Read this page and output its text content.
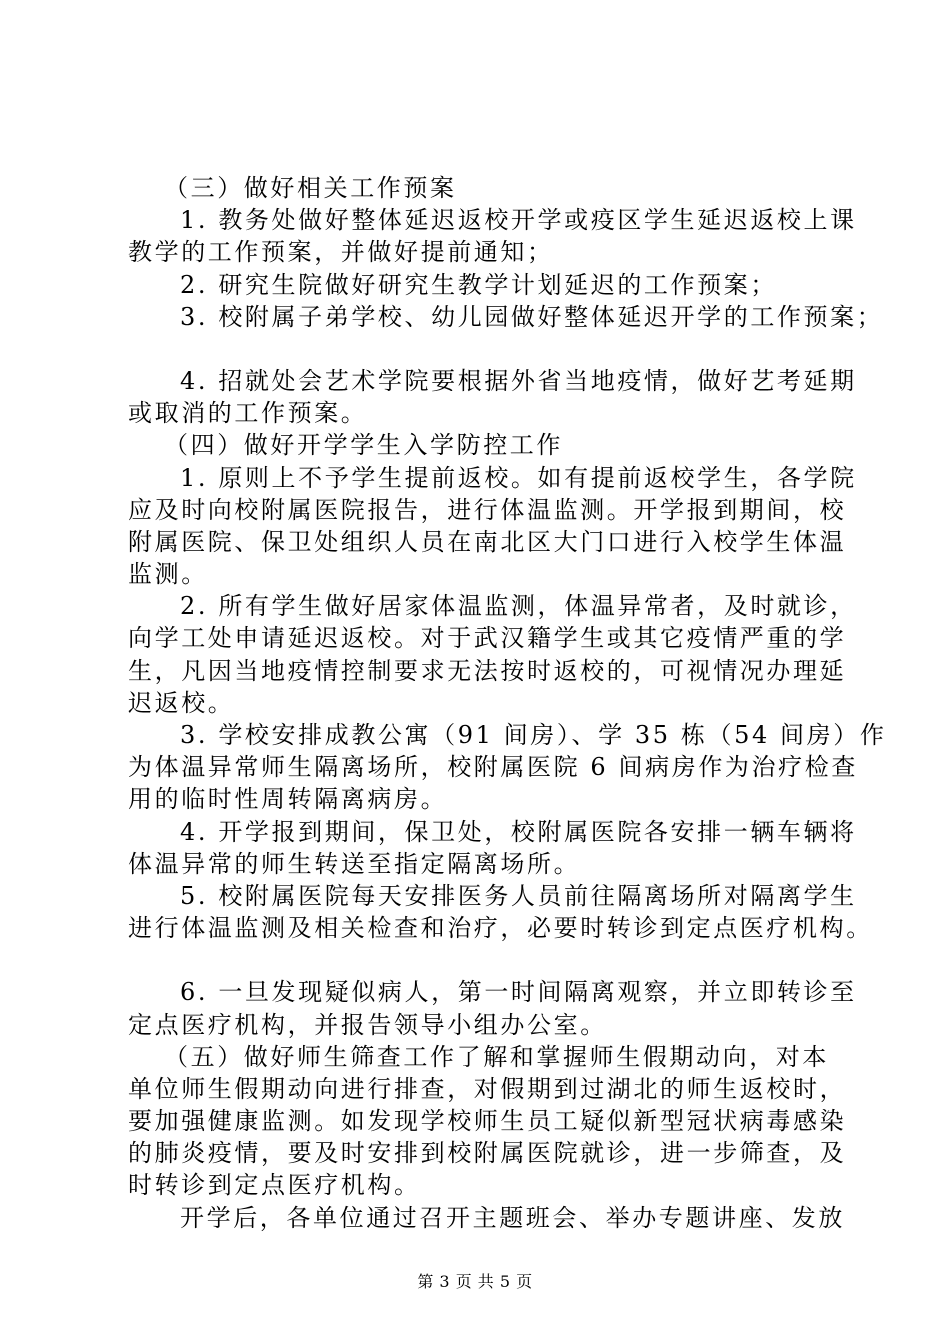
（三）做好相关工作预案
1. 教务处做好整体延迟返校开学或疫区学生延迟返校上课
教学的工作预案，并做好提前通知；
2. 研究生院做好研究生教学计划延迟的工作预案；
3. 校附属子弟学校、幼儿园做好整体延迟开学的工作预案；
4. 招就处会艺术学院要根据外省当地疫情，做好艺考延期
或取消的工作预案。
（四）做好开学学生入学防控工作
1. 原则上不予学生提前返校。如有提前返校学生，各学院
应及时向校附属医院报告，进行体温监测。开学报到期间，校
附属医院、保卫处组织人员在南北区大门口进行入校学生体温
监测。
2. 所有学生做好居家体温监测，体温异常者，及时就诊，
向学工处申请延迟返校。对于武汉籍学生或其它疫情严重的学
生，凡因当地疫情控制要求无法按时返校的，可视情况办理延
迟返校。
3. 学校安排成教公寓（91 间房）、学 35 栋（54 间房）作
为体温异常师生隔离场所，校附属医院 6 间病房作为治疗检查
用的临时性周转隔离病房。
4. 开学报到期间，保卫处，校附属医院各安排一辆车辆将
体温异常的师生转送至指定隔离场所。
5. 校附属医院每天安排医务人员前往隔离场所对隔离学生
进行体温监测及相关检查和治疗，必要时转诊到定点医疗机构。
6. 一旦发现疑似病人，第一时间隔离观察，并立即转诊至
定点医疗机构，并报告领导小组办公室。
（五）做好师生筛查工作了解和掌握师生假期动向，对本
单位师生假期动向进行排查，对假期到过湖北的师生返校时，
要加强健康监测。如发现学校师生员工疑似新型冠状病毒感染
的肺炎疫情，要及时安排到校附属医院就诊，进一步筛查，及
时转诊到定点医疗机构。
开学后，各单位通过召开主题班会、举办专题讲座、发放
第 3 页 共 5 页
